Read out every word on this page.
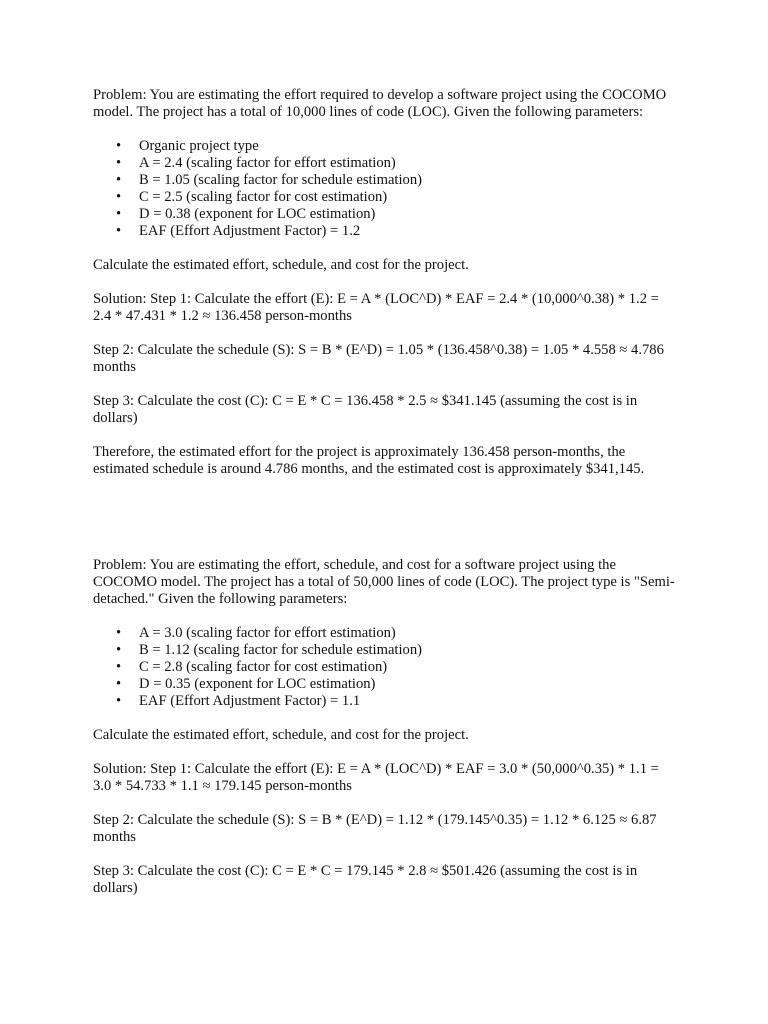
Problem: You are estimating the effort required to develop a software project using the COCOMO model. The project has a total of 10,000 lines of code (LOC). Given the following parameters:

• Organic project type
• A = 2.4 (scaling factor for effort estimation)
• B = 1.05 (scaling factor for schedule estimation)
• C = 2.5 (scaling factor for cost estimation)
• D = 0.38 (exponent for LOC estimation)
• EAF (Effort Adjustment Factor) = 1.2

Calculate the estimated effort, schedule, and cost for the project.

Solution: Step 1: Calculate the effort (E): E = A * (LOC^D) * EAF = 2.4 * (10,000^0.38) * 1.2 = 2.4 * 47.431 * 1.2 ≈ 136.458 person-months

Step 2: Calculate the schedule (S): S = B * (E^D) = 1.05 * (136.458^0.38) = 1.05 * 4.558 ≈ 4.786 months

Step 3: Calculate the cost (C): C = E * C = 136.458 * 2.5 ≈ $341.145 (assuming the cost is in dollars)

Therefore, the estimated effort for the project is approximately 136.458 person-months, the estimated schedule is around 4.786 months, and the estimated cost is approximately $341,145.

Problem: You are estimating the effort, schedule, and cost for a software project using the COCOMO model. The project has a total of 50,000 lines of code (LOC). The project type is "Semi-detached." Given the following parameters:

• A = 3.0 (scaling factor for effort estimation)
• B = 1.12 (scaling factor for schedule estimation)
• C = 2.8 (scaling factor for cost estimation)
• D = 0.35 (exponent for LOC estimation)
• EAF (Effort Adjustment Factor) = 1.1

Calculate the estimated effort, schedule, and cost for the project.

Solution: Step 1: Calculate the effort (E): E = A * (LOC^D) * EAF = 3.0 * (50,000^0.35) * 1.1 = 3.0 * 54.733 * 1.1 ≈ 179.145 person-months

Step 2: Calculate the schedule (S): S = B * (E^D) = 1.12 * (179.145^0.35) = 1.12 * 6.125 ≈ 6.87 months

Step 3: Calculate the cost (C): C = E * C = 179.145 * 2.8 ≈ $501.426 (assuming the cost is in dollars)
